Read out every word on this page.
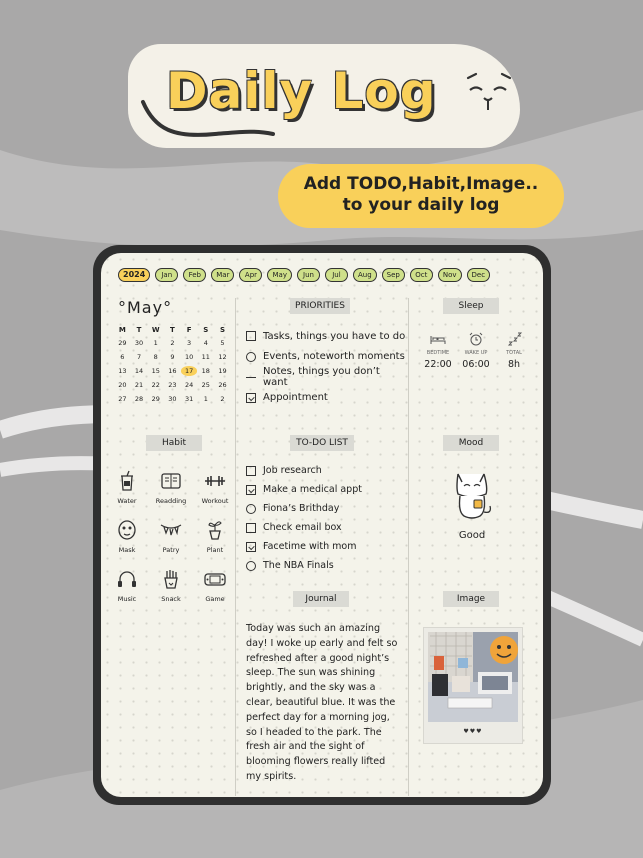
Daily Log
Add TODO,Habit,Image..
to your daily log
2024	Jan	Feb	Mar	Apr	May	Jun	Jul	Aug	Sep	Oct	Nov	Dec
°May°
M	T	W	T	F	S	S
29	30	1	2	3	4	5
6	7	8	9	10	11	12
13	14	15	16	17	18	19
20	21	22	23	24	25	26
27	28	29	30	31	1	2
PRIORITIES	Sleep
Habit	TO-DO LIST	Mood
Journal	Image
Tasks, things you have to do
Events, noteworth moments
Notes, things you don’t want
Appointment
BEDTIME
22:00
WAKE UP
06:00
TOTAL
8h
Water	Readding	Workout
Mask	Patry	Plant
Music	Snack	Game
Job research
Make a medical appt
Fiona’s Brithday
Check email box
Facetime with mom
The NBA Finals
Good
Today was such an amazing day! I woke up early and felt so refreshed after a good night’s sleep. The sun was shining brightly, and the sky was a clear, beautiful blue. It was the perfect day for a morning jog, so I headed to the park. The fresh air and the sight of blooming flowers really lifted my spirits.
♥♥♥
